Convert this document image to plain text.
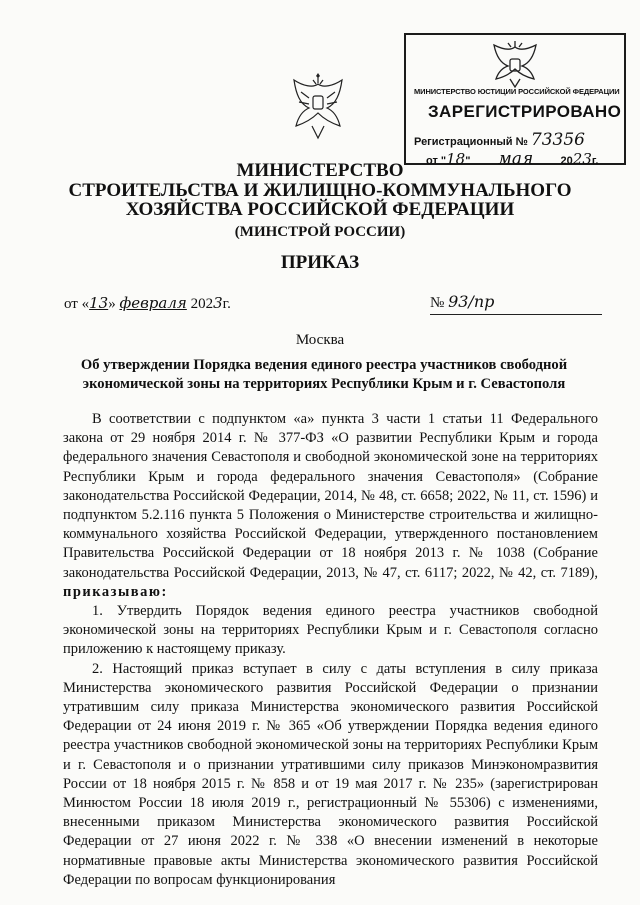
МИНИСТЕРСТВО ЮСТИЦИИ РОССИЙСКОЙ ФЕДЕРАЦИИ
ЗАРЕГИСТРИРОВАНО
Регистрационный № 73356
от "18" мая 2023г.
МИНИСТЕРСТВО
СТРОИТЕЛЬСТВА И ЖИЛИЩНО-КОММУНАЛЬНОГО
ХОЗЯЙСТВА РОССИЙСКОЙ ФЕДЕРАЦИИ
(МИНСТРОЙ РОССИИ)
ПРИКАЗ
от «13» февраля 2023г.	№ 93/пр
Москва
Об утверждении Порядка ведения единого реестра участников свободной экономической зоны на территориях Республики Крым и г. Севастополя

В соответствии с подпунктом «а» пункта 3 части 1 статьи 11 Федерального закона от 29 ноября 2014 г. № 377-ФЗ «О развитии Республики Крым и города федерального значения Севастополя и свободной экономической зоне на территориях Республики Крым и города федерального значения Севастополя» (Собрание законодательства Российской Федерации, 2014, № 48, ст. 6658; 2022, № 11, ст. 1596) и подпунктом 5.2.116 пункта 5 Положения о Министерстве строительства и жилищно-коммунального хозяйства Российской Федерации, утвержденного постановлением Правительства Российской Федерации от 18 ноября 2013 г. № 1038 (Собрание законодательства Российской Федерации, 2013, № 47, ст. 6117; 2022, № 42, ст. 7189), приказываю:

1. Утвердить Порядок ведения единого реестра участников свободной экономической зоны на территориях Республики Крым и г. Севастополя согласно приложению к настоящему приказу.

2. Настоящий приказ вступает в силу с даты вступления в силу приказа Министерства экономического развития Российской Федерации о признании утратившим силу приказа Министерства экономического развития Российской Федерации от 24 июня 2019 г. № 365 «Об утверждении Порядка ведения единого реестра участников свободной экономической зоны на территориях Республики Крым и г. Севастополя и о признании утратившими силу приказов Минэкономразвития России от 18 ноября 2015 г. № 858 и от 19 мая 2017 г. № 235» (зарегистрирован Минюстом России 18 июля 2019 г., регистрационный № 55306) с изменениями, внесенными приказом Министерства экономического развития Российской Федерации от 27 июня 2022 г. № 338 «О внесении изменений в некоторые нормативные правовые акты Министерства экономического развития Российской Федерации по вопросам функционирования
